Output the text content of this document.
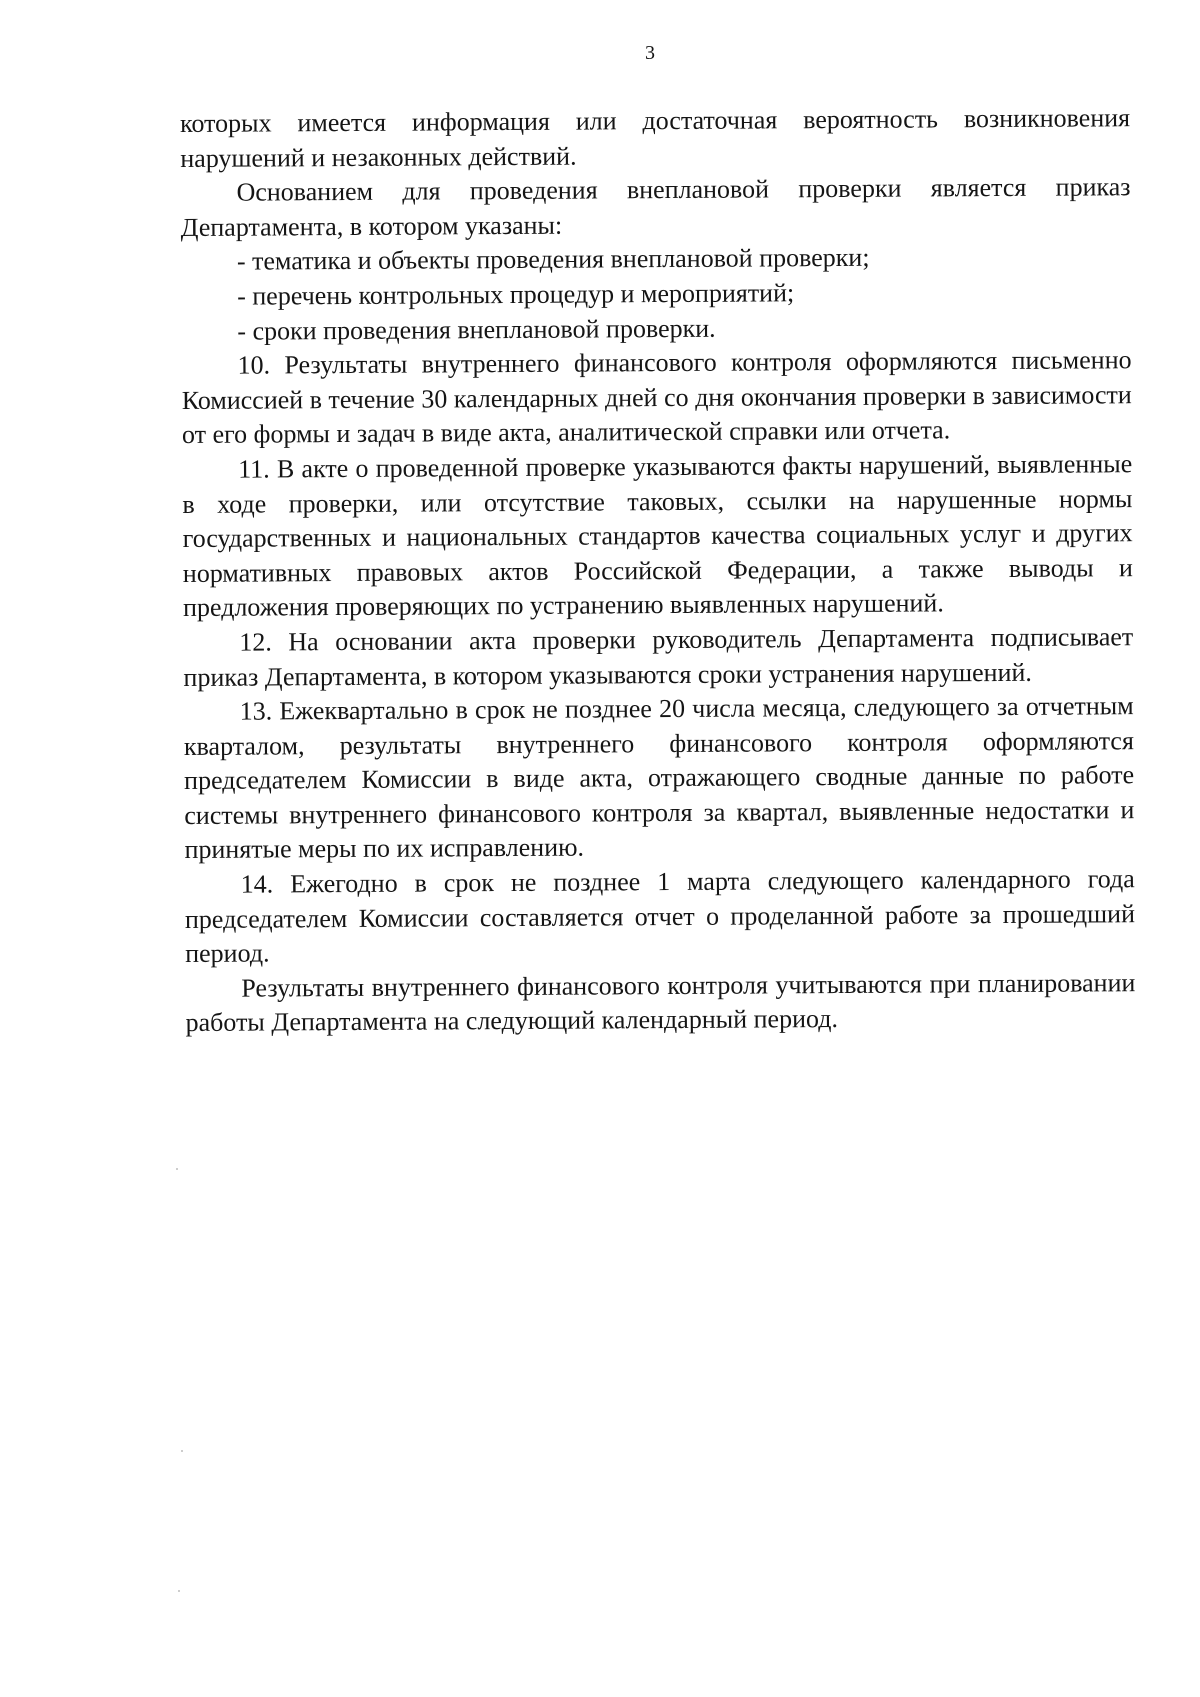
3

которых имеется информация или достаточная вероятность возникновения нарушений и незаконных действий.

Основанием для проведения внеплановой проверки является приказ Департамента, в котором указаны:

- тематика и объекты проведения внеплановой проверки;

- перечень контрольных процедур и мероприятий;

- сроки проведения внеплановой проверки.

10. Результаты внутреннего финансового контроля оформляются письменно Комиссией в течение 30 календарных дней со дня окончания проверки в зависимости от его формы и задач в виде акта, аналитической справки или отчета.

11. В акте о проведенной проверке указываются факты нарушений, выявленные в ходе проверки, или отсутствие таковых, ссылки на нарушенные нормы государственных и национальных стандартов качества социальных услуг и других нормативных правовых актов Российской Федерации, а также выводы и предложения проверяющих по устранению выявленных нарушений.

12. На основании акта проверки руководитель Департамента подписывает приказ Департамента, в котором указываются сроки устранения нарушений.

13. Ежеквартально в срок не позднее 20 числа месяца, следующего за отчетным кварталом, результаты внутреннего финансового контроля оформляются председателем Комиссии в виде акта, отражающего сводные данные по работе системы внутреннего финансового контроля за квартал, выявленные недостатки и принятые меры по их исправлению.

14. Ежегодно в срок не позднее 1 марта следующего календарного года председателем Комиссии составляется отчет о проделанной работе за прошедший период.

Результаты внутреннего финансового контроля учитываются при планировании работы Департамента на следующий календарный период.
